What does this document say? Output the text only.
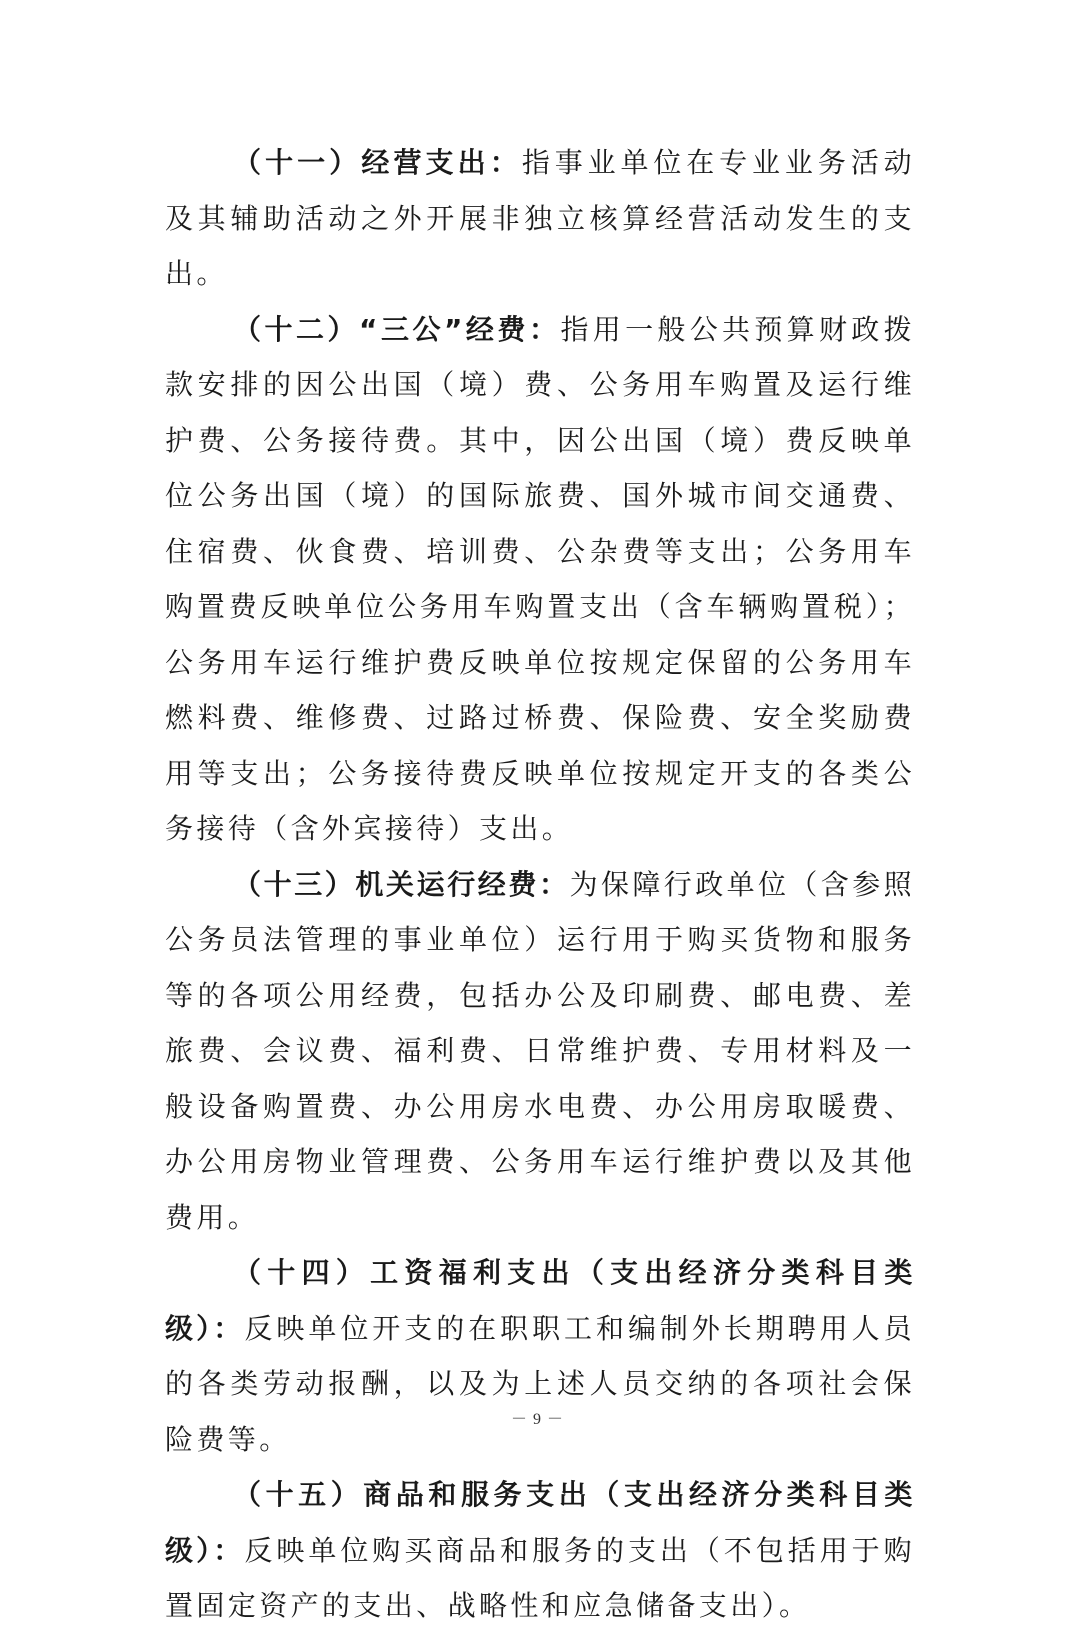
（十一）经营支出：指事业单位在专业业务活动及其辅助活动之外开展非独立核算经营活动发生的支出。

（十二）“三公”经费：指用一般公共预算财政拨款安排的因公出国（境）费、公务用车购置及运行维护费、公务接待费。其中，因公出国（境）费反映单位公务出国（境）的国际旅费、国外城市间交通费、住宿费、伙食费、培训费、公杂费等支出；公务用车购置费反映单位公务用车购置支出（含车辆购置税）；公务用车运行维护费反映单位按规定保留的公务用车燃料费、维修费、过路过桥费、保险费、安全奖励费用等支出；公务接待费反映单位按规定开支的各类公务接待（含外宾接待）支出。

（十三）机关运行经费：为保障行政单位（含参照公务员法管理的事业单位）运行用于购买货物和服务等的各项公用经费，包括办公及印刷费、邮电费、差旅费、会议费、福利费、日常维护费、专用材料及一般设备购置费、办公用房水电费、办公用房取暖费、办公用房物业管理费、公务用车运行维护费以及其他费用。

（十四）工资福利支出（支出经济分类科目类级）：反映单位开支的在职职工和编制外长期聘用人员的各类劳动报酬，以及为上述人员交纳的各项社会保险费等。

（十五）商品和服务支出（支出经济分类科目类级）：反映单位购买商品和服务的支出（不包括用于购置固定资产的支出、战略性和应急储备支出）。

－ 9 －
